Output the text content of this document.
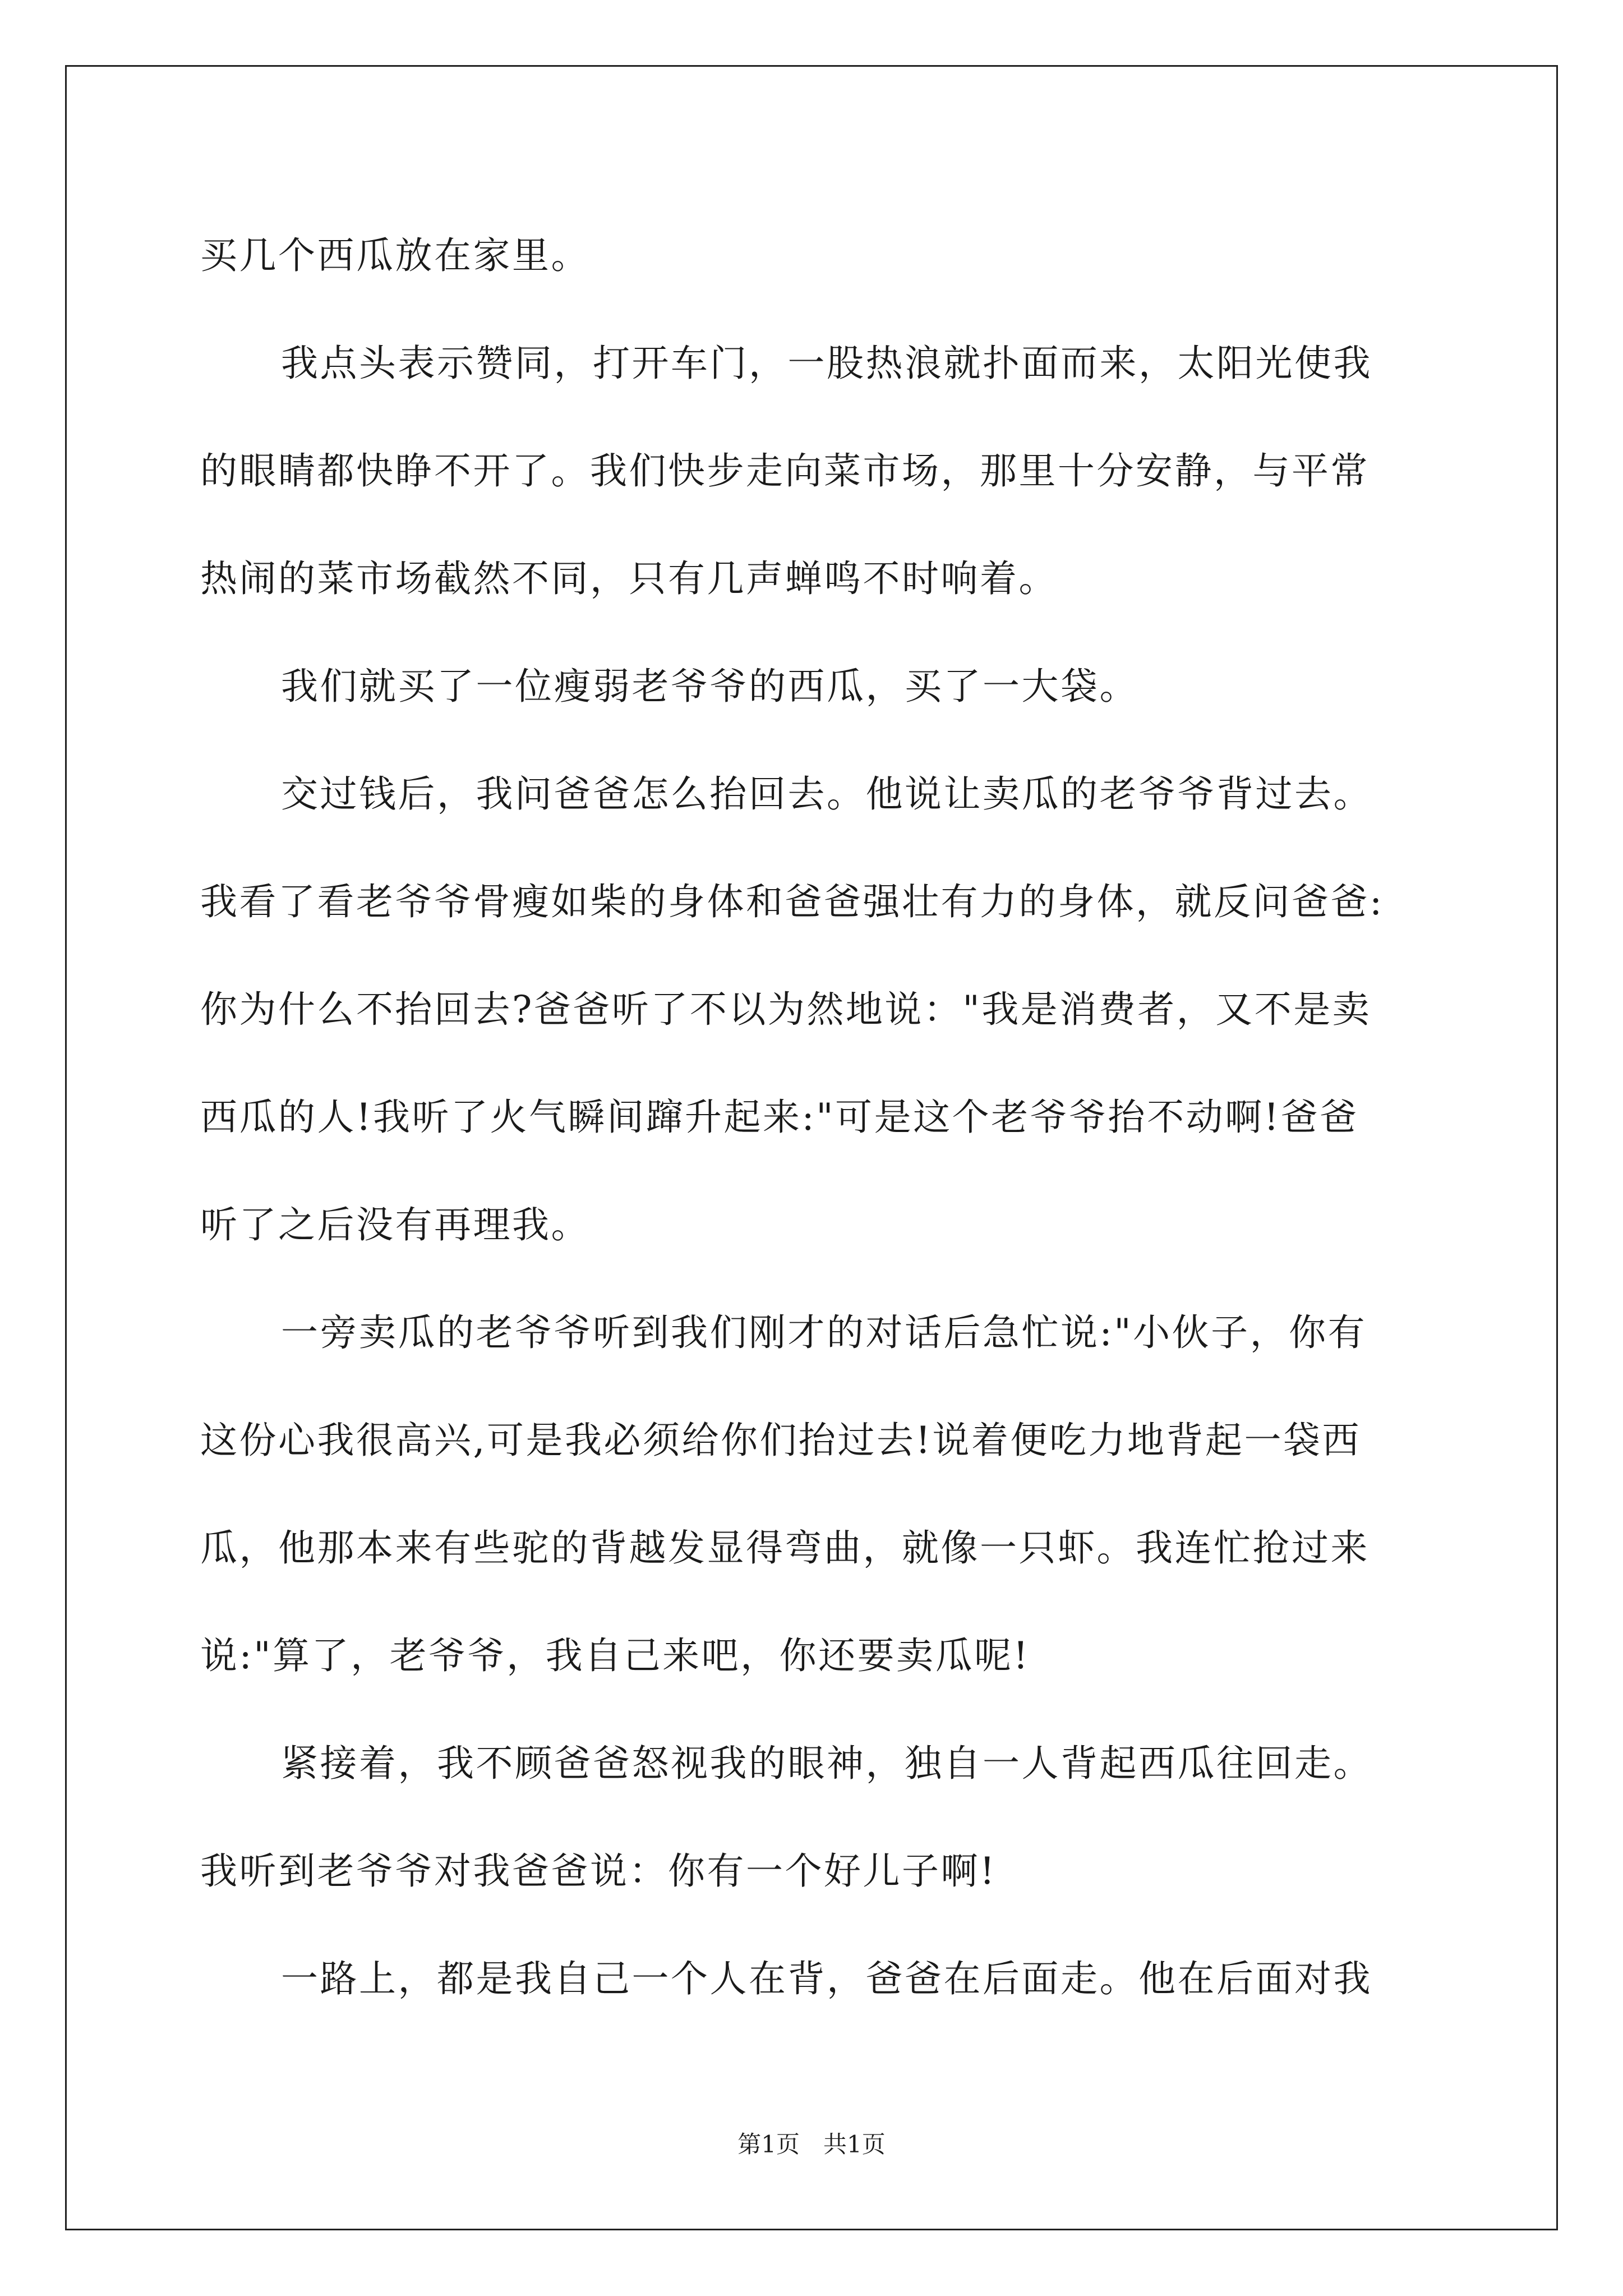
买几个西瓜放在家里。
我点头表示赞同，打开车门，一股热浪就扑面而来，太阳光使我
的眼睛都快睁不开了。我们快步走向菜市场，那里十分安静，与平常
热闹的菜市场截然不同，只有几声蝉鸣不时响着。
我们就买了一位瘦弱老爷爷的西瓜，买了一大袋。
交过钱后，我问爸爸怎么抬回去。他说让卖瓜的老爷爷背过去。
我看了看老爷爷骨瘦如柴的身体和爸爸强壮有力的身体，就反问爸爸:
你为什么不抬回去?爸爸听了不以为然地说："我是消费者，又不是卖
西瓜的人!我听了火气瞬间蹿升起来:"可是这个老爷爷抬不动啊!爸爸
听了之后没有再理我。
一旁卖瓜的老爷爷听到我们刚才的对话后急忙说:"小伙子，你有
这份心我很高兴,可是我必须给你们抬过去!说着便吃力地背起一袋西
瓜，他那本来有些驼的背越发显得弯曲，就像一只虾。我连忙抢过来
说:"算了，老爷爷，我自己来吧，你还要卖瓜呢!
紧接着，我不顾爸爸怒视我的眼神，独自一人背起西瓜往回走。
我听到老爷爷对我爸爸说：你有一个好儿子啊!
一路上，都是我自己一个人在背，爸爸在后面走。他在后面对我
第1页　共1页
